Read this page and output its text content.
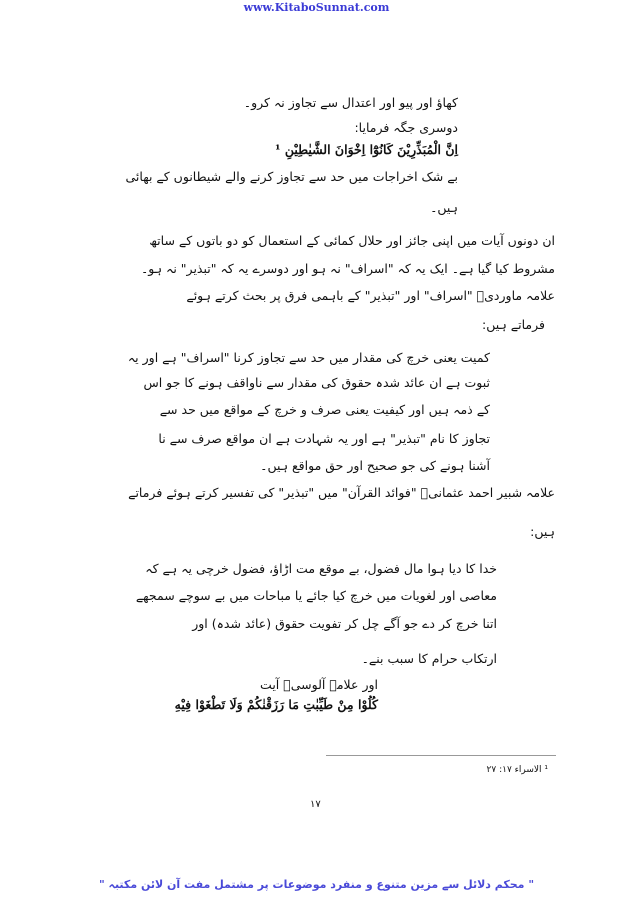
www.KitaboSunnat.com
کھاؤ اور پیو اور اعتدال سے تجاوز نہ کرو۔
دوسری جگہ فرمایا:
اِنَّ الْمُبَذِّرِيْنَ كَانُوْٓا اِخْوَانَ الشَّيٰطِيْنِ ¹
بے شک اخراجات میں حد سے تجاوز کرنے والے شیطانوں کے بھائی
ہیں۔
ان دونوں آیات میں اپنی جائز اور حلال کمائی کے استعمال کو دو باتوں کے ساتھ
مشروط کیا گیا ہے۔ ایک یہ کہ "اسراف" نہ ہو اور دوسرے یہ کہ "تبذیر" نہ ہو۔
علامہ ماوردیؒ "اسراف" اور "تبذیر" کے باہمی فرق پر بحث کرتے ہوئے
فرماتے ہیں:
کمیت یعنی خرچ کی مقدار میں حد سے تجاوز کرنا "اسراف" ہے اور یہ
ثبوت ہے ان عائد شدہ حقوق کی مقدار سے ناواقف ہونے کا جو اس
کے ذمہ ہیں اور کیفیت یعنی صرف و خرچ کے مواقع میں حد سے
تجاوز کا نام "تبذیر" ہے اور یہ شہادت ہے ان مواقع صرف سے نا
آشنا ہونے کی جو صحیح اور حق مواقع ہیں۔
علامہ شبیر احمد عثمانیؒ "فوائد القرآن" میں "تبذیر" کی تفسیر کرتے ہوئے فرماتے
ہیں:
خدا کا دیا ہوا مال فضول، بے موقع مت اڑاؤ، فضول خرچی یہ ہے کہ
معاصی اور لغویات میں خرچ کیا جائے یا مباحات میں بے سوچے سمجھے
اتنا خرچ کر دے جو آگے چل کر تفویت حقوق (عائد شدہ) اور
ارتکاب حرام کا سبب بنے۔
اور علامہ آلوسیؒ آیت
كُلُوْا مِنْ طَيِّبٰتِ مَا رَزَقْنٰكُمْ وَلَا تَطْغَوْا فِيْهِ
¹ الاسراء ۱۷: ۲۷
۱۷
" محکم دلائل سے مزین متنوع و منفرد موضوعات پر مشتمل مفت آن لائن مکتبہ "
